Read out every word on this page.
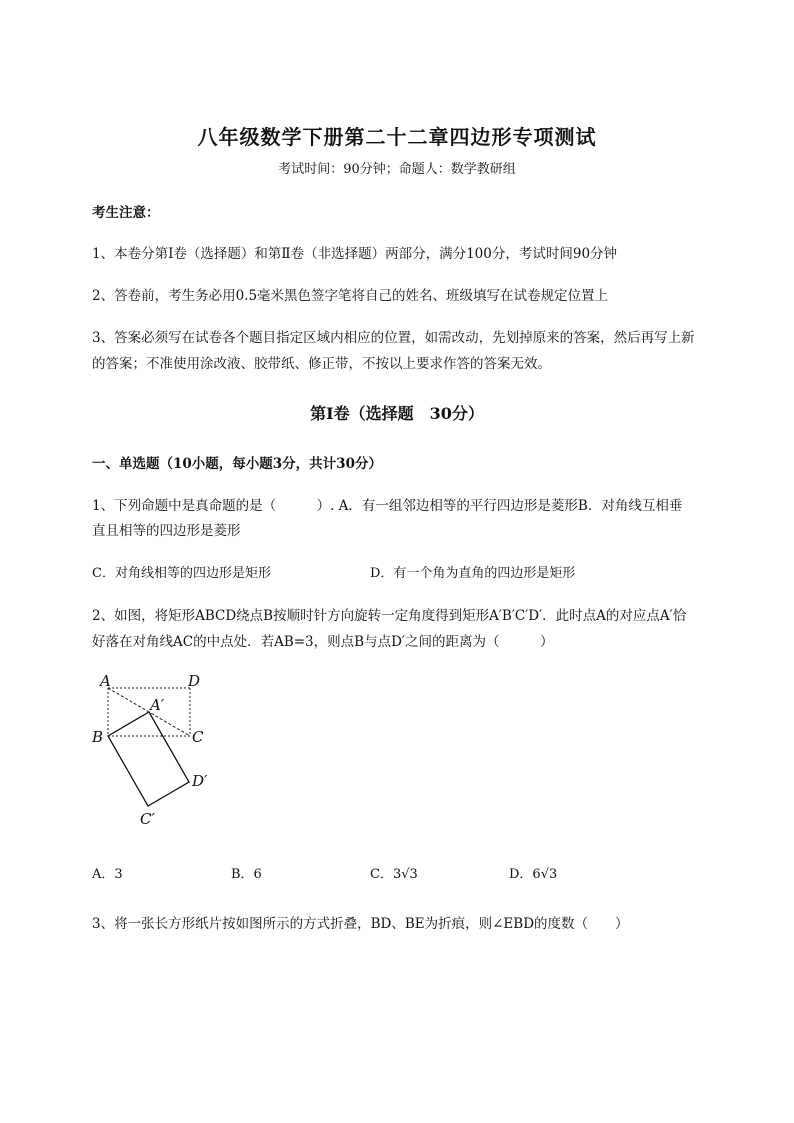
八年级数学下册第二十二章四边形专项测试
考试时间：90分钟；命题人：数学教研组
考生注意：
1、本卷分第I卷（选择题）和第Ⅱ卷（非选择题）两部分，满分100分，考试时间90分钟
2、答卷前，考生务必用0.5毫米黑色签字笔将自己的姓名、班级填写在试卷规定位置上
3、答案必须写在试卷各个题目指定区域内相应的位置，如需改动，先划掉原来的答案，然后再写上新
的答案；不准使用涂改液、胶带纸、修正带，不按以上要求作答的答案无效。
第I卷（选择题　30分）
一、单选题（10小题，每小题3分，共计30分）
1、下列命题中是真命题的是（　　　）. A．有一组邻边相等的平行四边形是菱形B．对角线互相垂
直且相等的四边形是菱形
C．对角线相等的四边形是矩形	D．有一个角为直角的四边形是矩形
2、如图，将矩形ABCD绕点B按顺时针方向旋转一定角度得到矩形A′B′C′D′．此时点A的对应点A′恰
好落在对角线AC的中点处．若AB=3，则点B与点D′之间的距离为（　　　）
A	D
A′
B	C
D′
C′
A．3	B．6	C．3√3	D．6√3
3、将一张长方形纸片按如图所示的方式折叠，BD、BE为折痕，则∠EBD的度数（　　）
